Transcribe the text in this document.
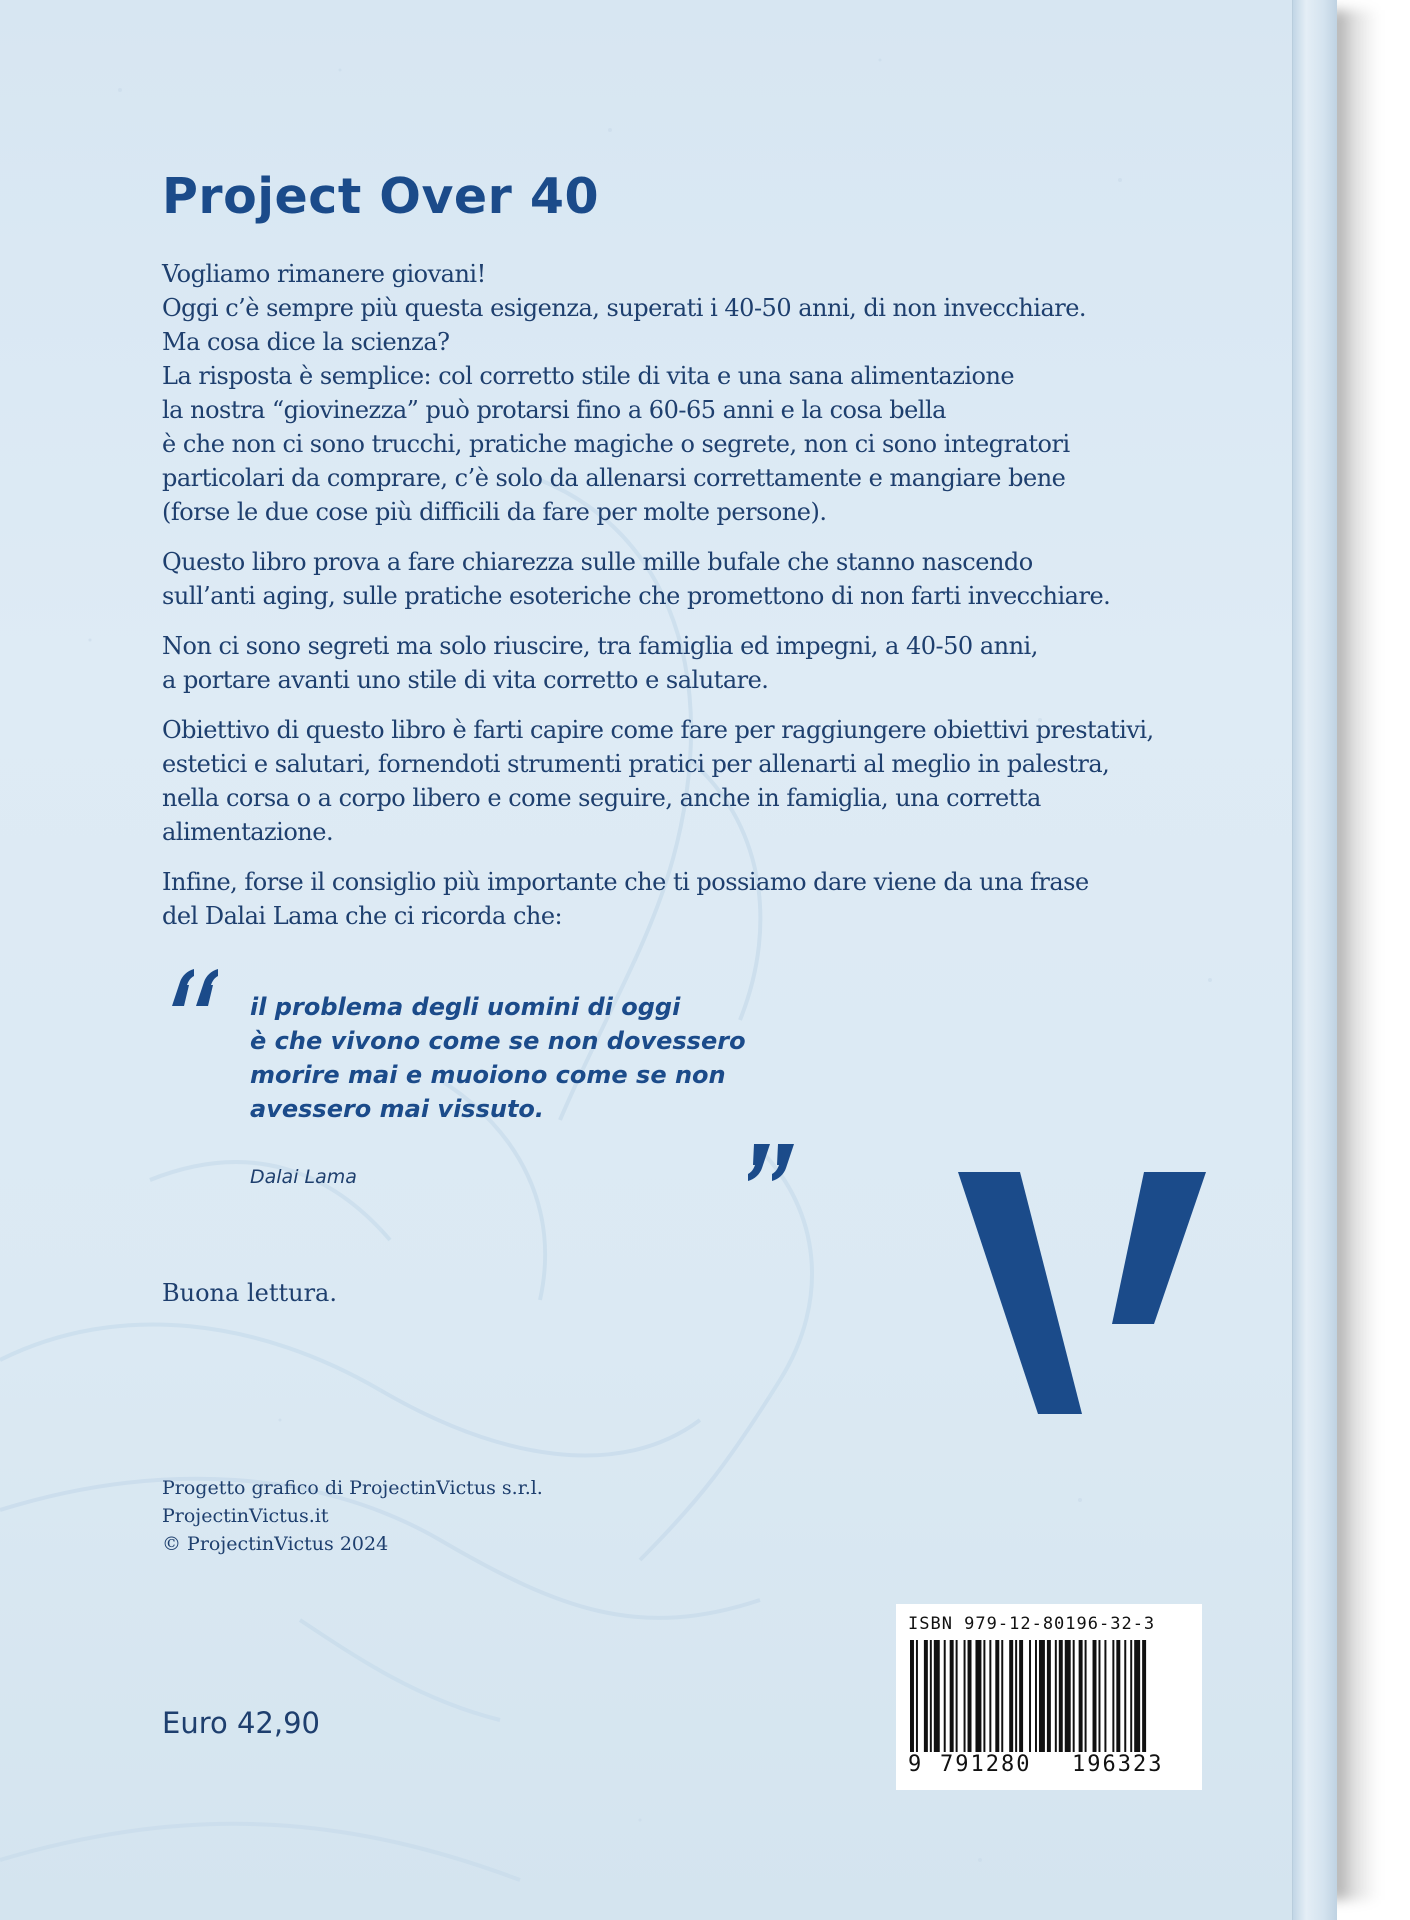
Project Over 40

Vogliamo rimanere giovani!
Oggi c’è sempre più questa esigenza, superati i 40-50 anni, di non invecchiare.
Ma cosa dice la scienza?
La risposta è semplice: col corretto stile di vita e una sana alimentazione
la nostra “giovinezza” può protarsi fino a 60-65 anni e la cosa bella
è che non ci sono trucchi, pratiche magiche o segrete, non ci sono integratori
particolari da comprare, c’è solo da allenarsi correttamente e mangiare bene
(forse le due cose più difficili da fare per molte persone).

Questo libro prova a fare chiarezza sulle mille bufale che stanno nascendo
sull’anti aging, sulle pratiche esoteriche che promettono di non farti invecchiare.

Non ci sono segreti ma solo riuscire, tra famiglia ed impegni, a 40-50 anni,
a portare avanti uno stile di vita corretto e salutare.

Obiettivo di questo libro è farti capire come fare per raggiungere obiettivi prestativi,
estetici e salutari, fornendoti strumenti pratici per allenarti al meglio in palestra,
nella corsa o a corpo libero e come seguire, anche in famiglia, una corretta
alimentazione.

Infine, forse il consiglio più importante che ti possiamo dare viene da una frase
del Dalai Lama che ci ricorda che:

il problema degli uomini di oggi
è che vivono come se non dovessero
morire mai e muoiono come se non
avessero mai vissuto.
Dalai Lama
Buona lettura.
Progetto grafico di ProjectinVictus s.r.l.
ProjectinVictus.it
© ProjectinVictus 2024
Euro 42,90
ISBN 979-12-80196-32-3
9 791280 196323
